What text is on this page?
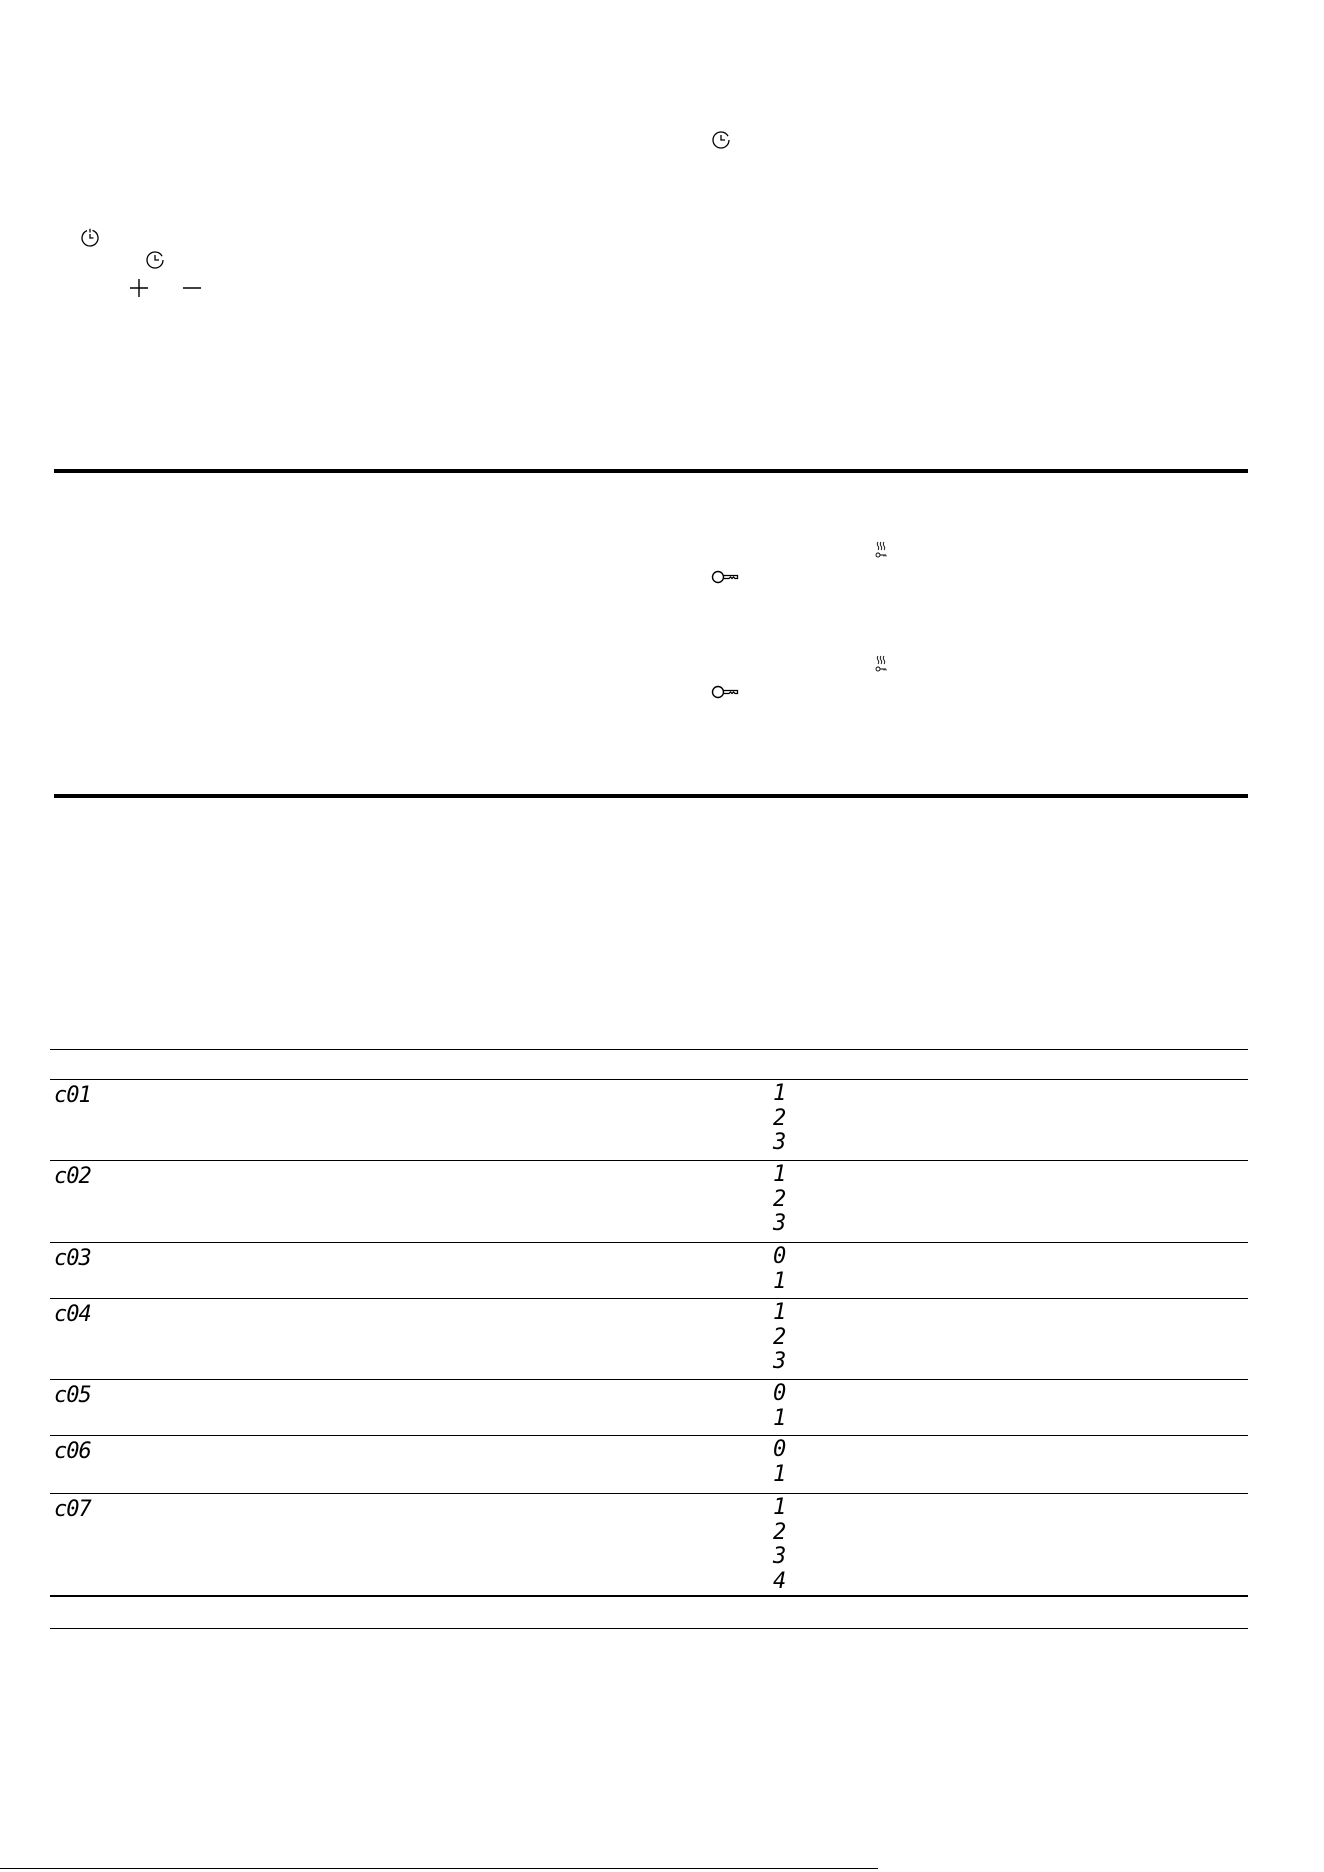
c01	1
2
3
c02	1
2
3
c03	0
1
c04	1
2
3
c05	0
1
c06	0
1
c07	1
2
3
4
